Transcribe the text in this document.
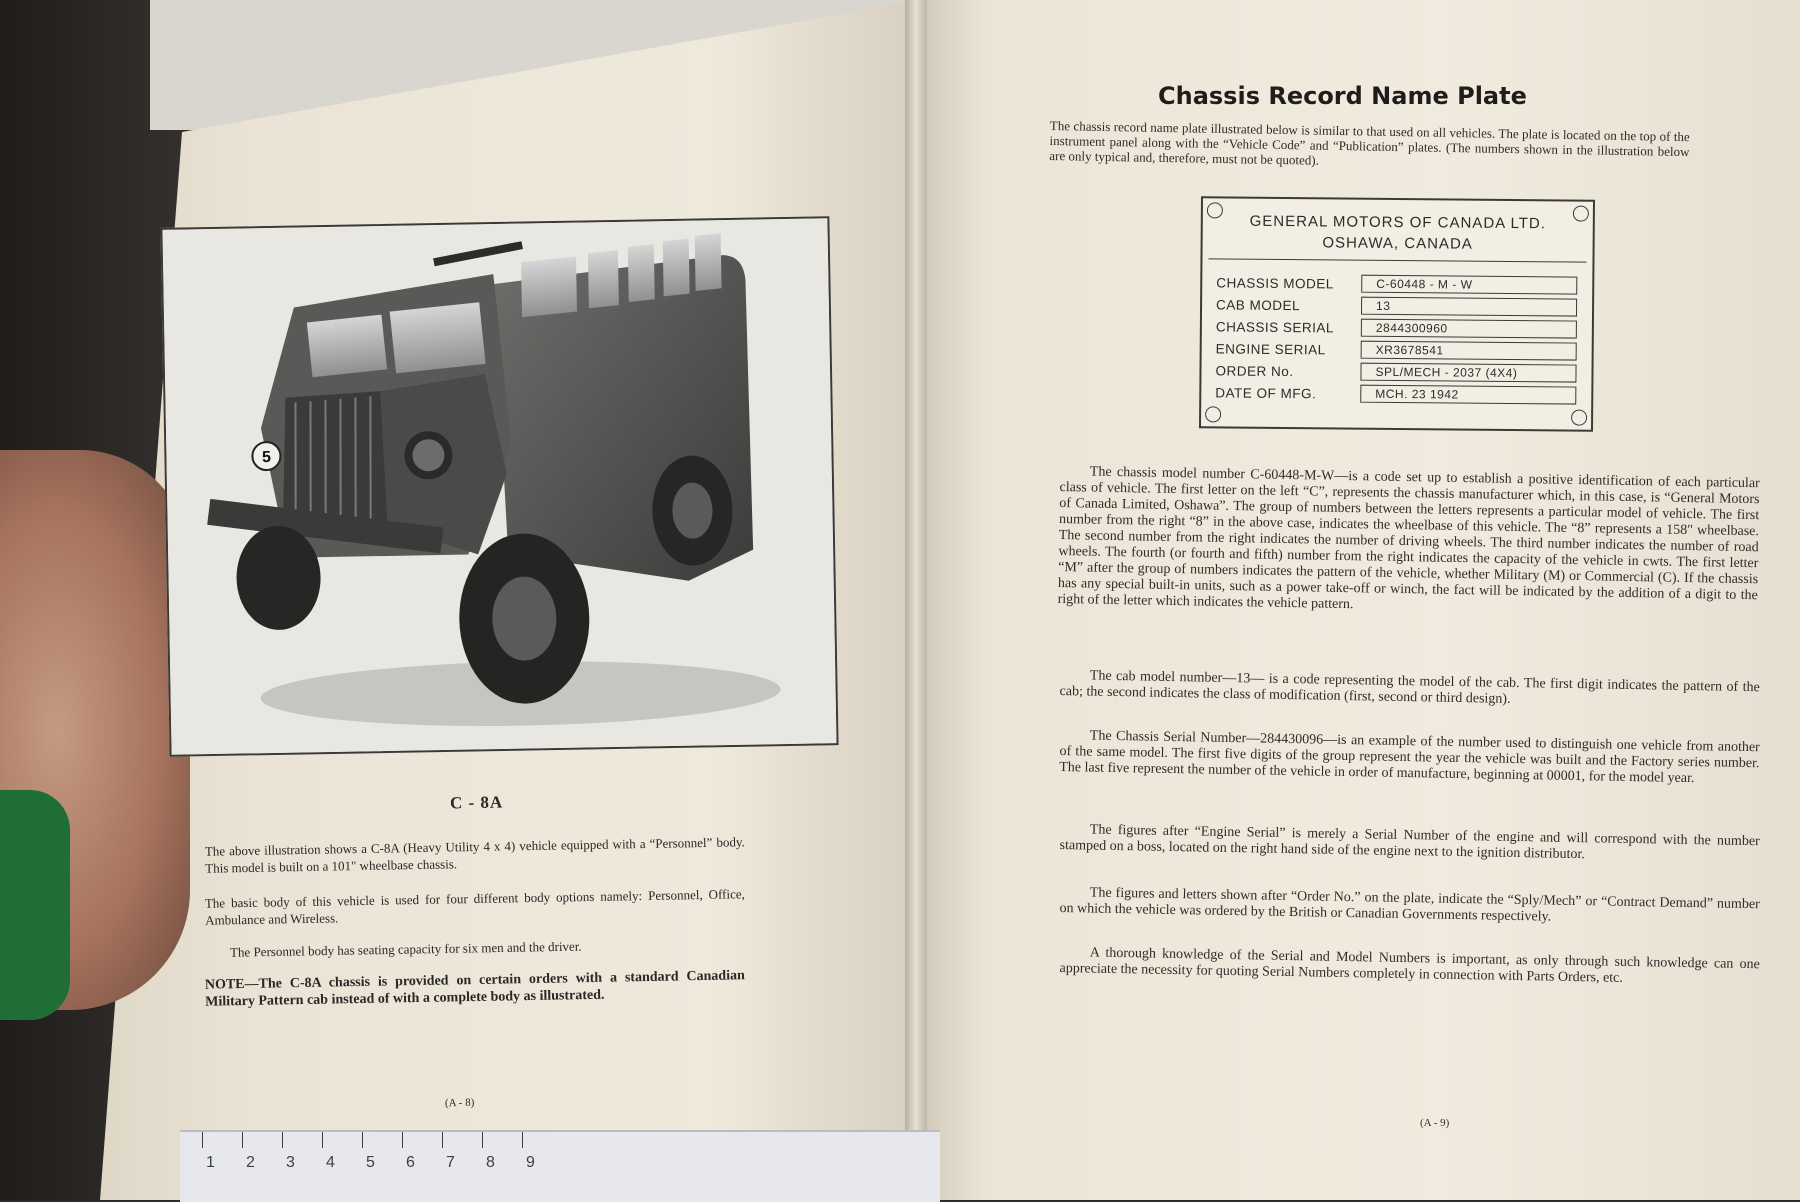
5
C - 8A
The above illustration shows a C-8A (Heavy Utility 4 x 4) vehicle equipped with a “Personnel” body. This model is built on a 101" wheelbase chassis.
The basic body of this vehicle is used for four different body options namely: Personnel, Office, Ambulance and Wireless.
The Personnel body has seating capacity for six men and the driver.
NOTE—The C-8A chassis is provided on certain orders with a standard Canadian Military Pattern cab instead of with a complete body as illustrated.
(A - 8)
Chassis Record Name Plate
The chassis record name plate illustrated below is similar to that used on all vehicles. The plate is located on the top of the instrument panel along with the “Vehicle Code” and “Publication” plates. (The numbers shown in the illustration below are only typical and, therefore, must not be quoted).
GENERAL MOTORS OF CANADA LTD.
OSHAWA, CANADA
CHASSIS MODEL	C-60448 - M - W
CAB MODEL	13
CHASSIS SERIAL	2844300960
ENGINE SERIAL	XR3678541
ORDER No.	SPL/MECH - 2037 (4X4)
DATE OF MFG.	MCH. 23 1942
The chassis model number C-60448-M-W—is a code set up to establish a positive identification of each particular class of vehicle. The first letter on the left “C”, represents the chassis manufacturer which, in this case, is “General Motors of Canada Limited, Oshawa”. The group of numbers between the letters represents a particular model of vehicle. The first number from the right “8” in the above case, indicates the wheelbase of this vehicle. The “8” represents a 158" wheelbase. The second number from the right indicates the number of driving wheels. The third number indicates the number of road wheels. The fourth (or fourth and fifth) number from the right indicates the capacity of the vehicle in cwts. The first letter “M” after the group of numbers indicates the pattern of the vehicle, whether Military (M) or Commercial (C). If the chassis has any special built-in units, such as a power take-off or winch, the fact will be indicated by the addition of a digit to the right of the letter which indicates the vehicle pattern.
The cab model number—13— is a code representing the model of the cab. The first digit indicates the pattern of the cab; the second indicates the class of modification (first, second or third design).
The Chassis Serial Number—284430096—is an example of the number used to distinguish one vehicle from another of the same model. The first five digits of the group represent the year the vehicle was built and the Factory series number. The last five represent the number of the vehicle in order of manufacture, beginning at 00001, for the model year.
The figures after “Engine Serial” is merely a Serial Number of the engine and will correspond with the number stamped on a boss, located on the right hand side of the engine next to the ignition distributor.
The figures and letters shown after “Order No.” on the plate, indicate the “Sply/Mech” or “Contract Demand” number on which the vehicle was ordered by the British or Canadian Governments respectively.
A thorough knowledge of the Serial and Model Numbers is important, as only through such knowledge can one appreciate the necessity for quoting Serial Numbers completely in connection with Parts Orders, etc.
(A - 9)
1 2 3 4 5 6 7 8 9
